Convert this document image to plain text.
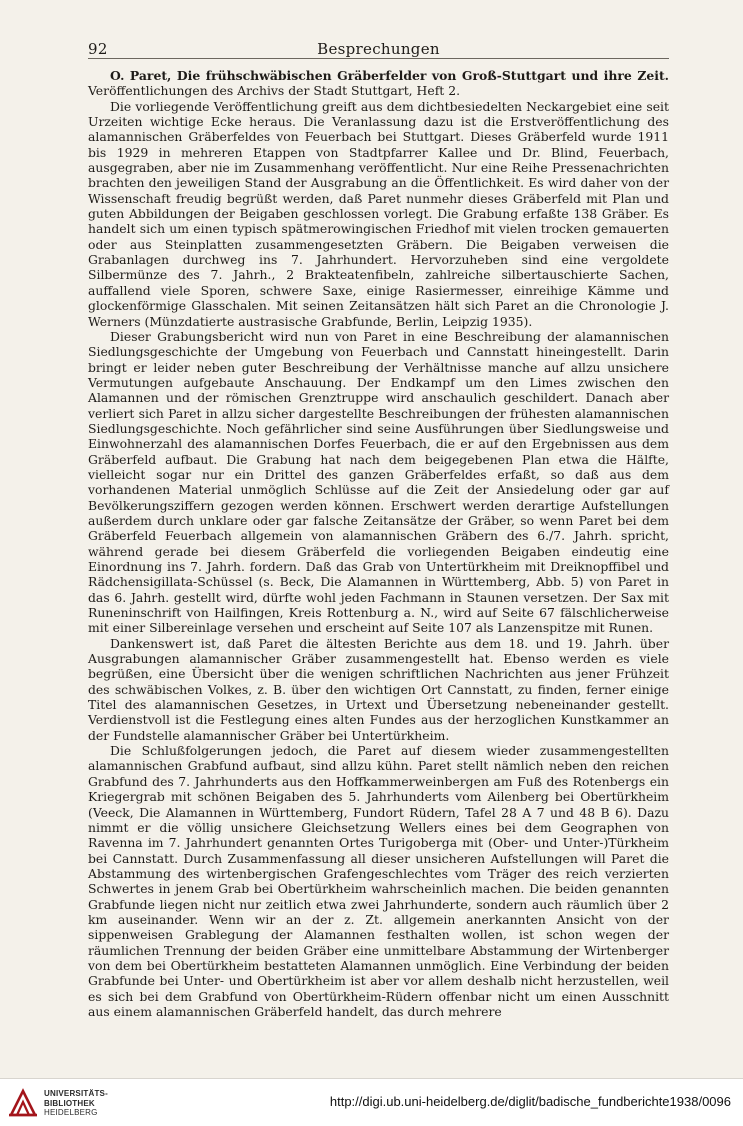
92	Besprechungen

O. Paret, Die frühschwäbischen Gräberfelder von Groß-Stuttgart und ihre Zeit. Veröffentlichungen des Archivs der Stadt Stuttgart, Heft 2.

Die vorliegende Veröffentlichung greift aus dem dichtbesiedelten Neckargebiet eine seit Urzeiten wichtige Ecke heraus. Die Veranlassung dazu ist die Erstveröffentlichung des alamannischen Gräberfeldes von Feuerbach bei Stuttgart. Dieses Gräberfeld wurde 1911 bis 1929 in mehreren Etappen von Stadtpfarrer Kallee und Dr. Blind, Feuerbach, ausgegraben, aber nie im Zusammenhang veröffentlicht. Nur eine Reihe Pressenachrichten brachten den jeweiligen Stand der Ausgrabung an die Öffentlichkeit. Es wird daher von der Wissenschaft freudig begrüßt werden, daß Paret nunmehr dieses Gräberfeld mit Plan und guten Abbildungen der Beigaben geschlossen vorlegt. Die Grabung erfaßte 138 Gräber. Es handelt sich um einen typisch spätmerowingischen Friedhof mit vielen trocken gemauerten oder aus Steinplatten zusammengesetzten Gräbern. Die Beigaben verweisen die Grabanlagen durchweg ins 7. Jahrhundert. Hervorzuheben sind eine vergoldete Silbermünze des 7. Jahrh., 2 Brakteatenfibeln, zahlreiche silbertauschierte Sachen, auffallend viele Sporen, schwere Saxe, einige Rasiermesser, einreihige Kämme und glockenförmige Glasschalen. Mit seinen Zeitansätzen hält sich Paret an die Chronologie J. Werners (Münzdatierte austrasische Grabfunde, Berlin, Leipzig 1935).

Dieser Grabungsbericht wird nun von Paret in eine Beschreibung der alamannischen Siedlungsgeschichte der Umgebung von Feuerbach und Cannstatt hineingestellt. Darin bringt er leider neben guter Beschreibung der Verhältnisse manche auf allzu unsichere Vermutungen aufgebaute Anschauung. Der Endkampf um den Limes zwischen den Alamannen und der römischen Grenztruppe wird anschaulich geschildert. Danach aber verliert sich Paret in allzu sicher dargestellte Beschreibungen der frühesten alamannischen Siedlungsgeschichte. Noch gefährlicher sind seine Ausführungen über Siedlungsweise und Einwohnerzahl des alamannischen Dorfes Feuerbach, die er auf den Ergebnissen aus dem Gräberfeld aufbaut. Die Grabung hat nach dem beigegebenen Plan etwa die Hälfte, vielleicht sogar nur ein Drittel des ganzen Gräberfeldes erfaßt, so daß aus dem vorhandenen Material unmöglich Schlüsse auf die Zeit der Ansiedelung oder gar auf Bevölkerungsziffern gezogen werden können. Erschwert werden derartige Aufstellungen außerdem durch unklare oder gar falsche Zeitansätze der Gräber, so wenn Paret bei dem Gräberfeld Feuerbach allgemein von alamannischen Gräbern des 6./7. Jahrh. spricht, während gerade bei diesem Gräberfeld die vorliegenden Beigaben eindeutig eine Einordnung ins 7. Jahrh. fordern. Daß das Grab von Untertürkheim mit Dreiknopffibel und Rädchensigillata-Schüssel (s. Beck, Die Alamannen in Württemberg, Abb. 5) von Paret in das 6. Jahrh. gestellt wird, dürfte wohl jeden Fachmann in Staunen versetzen. Der Sax mit Runeninschrift von Hailfingen, Kreis Rottenburg a. N., wird auf Seite 67 fälschlicherweise mit einer Silbereinlage versehen und erscheint auf Seite 107 als Lanzenspitze mit Runen.

Dankenswert ist, daß Paret die ältesten Berichte aus dem 18. und 19. Jahrh. über Ausgrabungen alamannischer Gräber zusammengestellt hat. Ebenso werden es viele begrüßen, eine Übersicht über die wenigen schriftlichen Nachrichten aus jener Frühzeit des schwäbischen Volkes, z. B. über den wichtigen Ort Cannstatt, zu finden, ferner einige Titel des alamannischen Gesetzes, in Urtext und Übersetzung nebeneinander gestellt. Verdienstvoll ist die Festlegung eines alten Fundes aus der herzoglichen Kunstkammer an der Fundstelle alamannischer Gräber bei Untertürkheim.

Die Schlußfolgerungen jedoch, die Paret auf diesem wieder zusammengestellten alamannischen Grabfund aufbaut, sind allzu kühn. Paret stellt nämlich neben den reichen Grabfund des 7. Jahrhunderts aus den Hoffkammerweinbergen am Fuß des Rotenbergs ein Kriegergrab mit schönen Beigaben des 5. Jahrhunderts vom Ailenberg bei Obertürkheim (Veeck, Die Alamannen in Württemberg, Fundort Rüdern, Tafel 28 A 7 und 48 B 6). Dazu nimmt er die völlig unsichere Gleichsetzung Wellers eines bei dem Geographen von Ravenna im 7. Jahrhundert genannten Ortes Turigoberga mit (Ober- und Unter-)Türkheim bei Cannstatt. Durch Zusammenfassung all dieser unsicheren Aufstellungen will Paret die Abstammung des wirtenbergischen Grafengeschlechtes vom Träger des reich verzierten Schwertes in jenem Grab bei Obertürkheim wahrscheinlich machen. Die beiden genannten Grabfunde liegen nicht nur zeitlich etwa zwei Jahrhunderte, sondern auch räumlich über 2 km auseinander. Wenn wir an der z. Zt. allgemein anerkannten Ansicht von der sippenweisen Grablegung der Alamannen festhalten wollen, ist schon wegen der räumlichen Trennung der beiden Gräber eine unmittelbare Abstammung der Wirtenberger von dem bei Obertürkheim bestatteten Alamannen unmöglich. Eine Verbindung der beiden Grabfunde bei Unter- und Obertürkheim ist aber vor allem deshalb nicht herzustellen, weil es sich bei dem Grabfund von Obertürkheim-Rüdern offenbar nicht um einen Ausschnitt aus einem alamannischen Gräberfeld handelt, das durch mehrere

UNIVERSITÄTS-
BIBLIOTHEK
HEIDELBERG
http://digi.ub.uni-heidelberg.de/diglit/badische_fundberichte1938/0096
